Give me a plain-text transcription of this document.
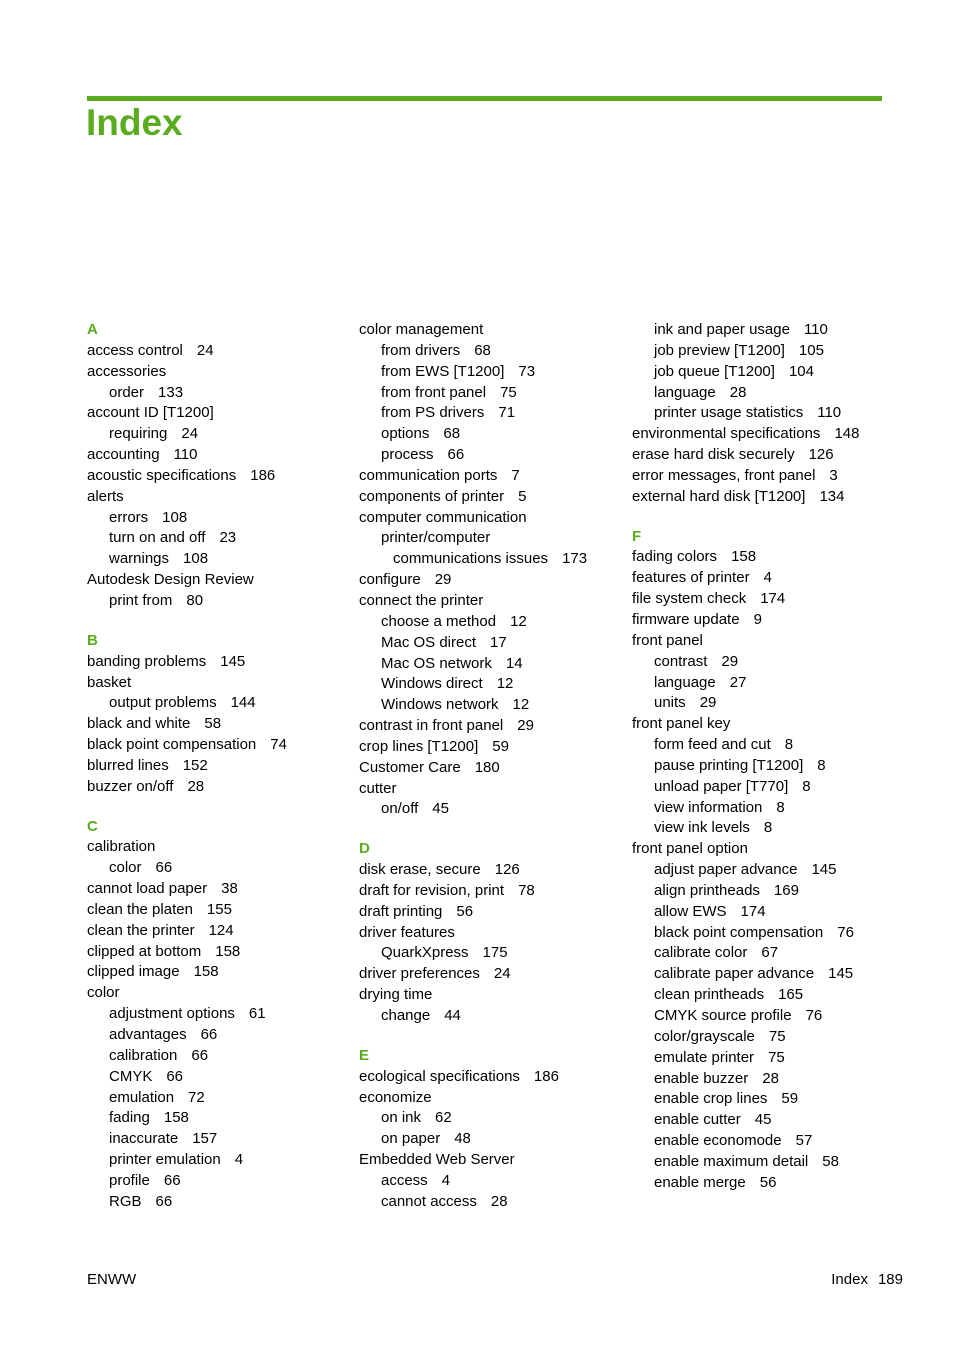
Index
A
access control 24
accessories
order 133
account ID [T1200]
requiring 24
accounting 110
acoustic specifications 186
alerts
errors 108
turn on and off 23
warnings 108
Autodesk Design Review
print from 80
B
banding problems 145
basket
output problems 144
black and white 58
black point compensation 74
blurred lines 152
buzzer on/off 28
C
calibration
color 66
cannot load paper 38
clean the platen 155
clean the printer 124
clipped at bottom 158
clipped image 158
color
adjustment options 61
advantages 66
calibration 66
CMYK 66
emulation 72
fading 158
inaccurate 157
printer emulation 4
profile 66
RGB 66
color management
from drivers 68
from EWS [T1200] 73
from front panel 75
from PS drivers 71
options 68
process 66
communication ports 7
components of printer 5
computer communication
printer/computer
communications issues 173
configure 29
connect the printer
choose a method 12
Mac OS direct 17
Mac OS network 14
Windows direct 12
Windows network 12
contrast in front panel 29
crop lines [T1200] 59
Customer Care 180
cutter
on/off 45
D
disk erase, secure 126
draft for revision, print 78
draft printing 56
driver features
QuarkXpress 175
driver preferences 24
drying time
change 44
E
ecological specifications 186
economize
on ink 62
on paper 48
Embedded Web Server
access 4
cannot access 28
ink and paper usage 110
job preview [T1200] 105
job queue [T1200] 104
language 28
printer usage statistics 110
environmental specifications 148
erase hard disk securely 126
error messages, front panel 3
external hard disk [T1200] 134
F
fading colors 158
features of printer 4
file system check 174
firmware update 9
front panel
contrast 29
language 27
units 29
front panel key
form feed and cut 8
pause printing [T1200] 8
unload paper [T770] 8
view information 8
view ink levels 8
front panel option
adjust paper advance 145
align printheads 169
allow EWS 174
black point compensation 76
calibrate color 67
calibrate paper advance 145
clean printheads 165
CMYK source profile 76
color/grayscale 75
emulate printer 75
enable buzzer 28
enable crop lines 59
enable cutter 45
enable economode 57
enable maximum detail 58
enable merge 56
ENWW	Index 189
